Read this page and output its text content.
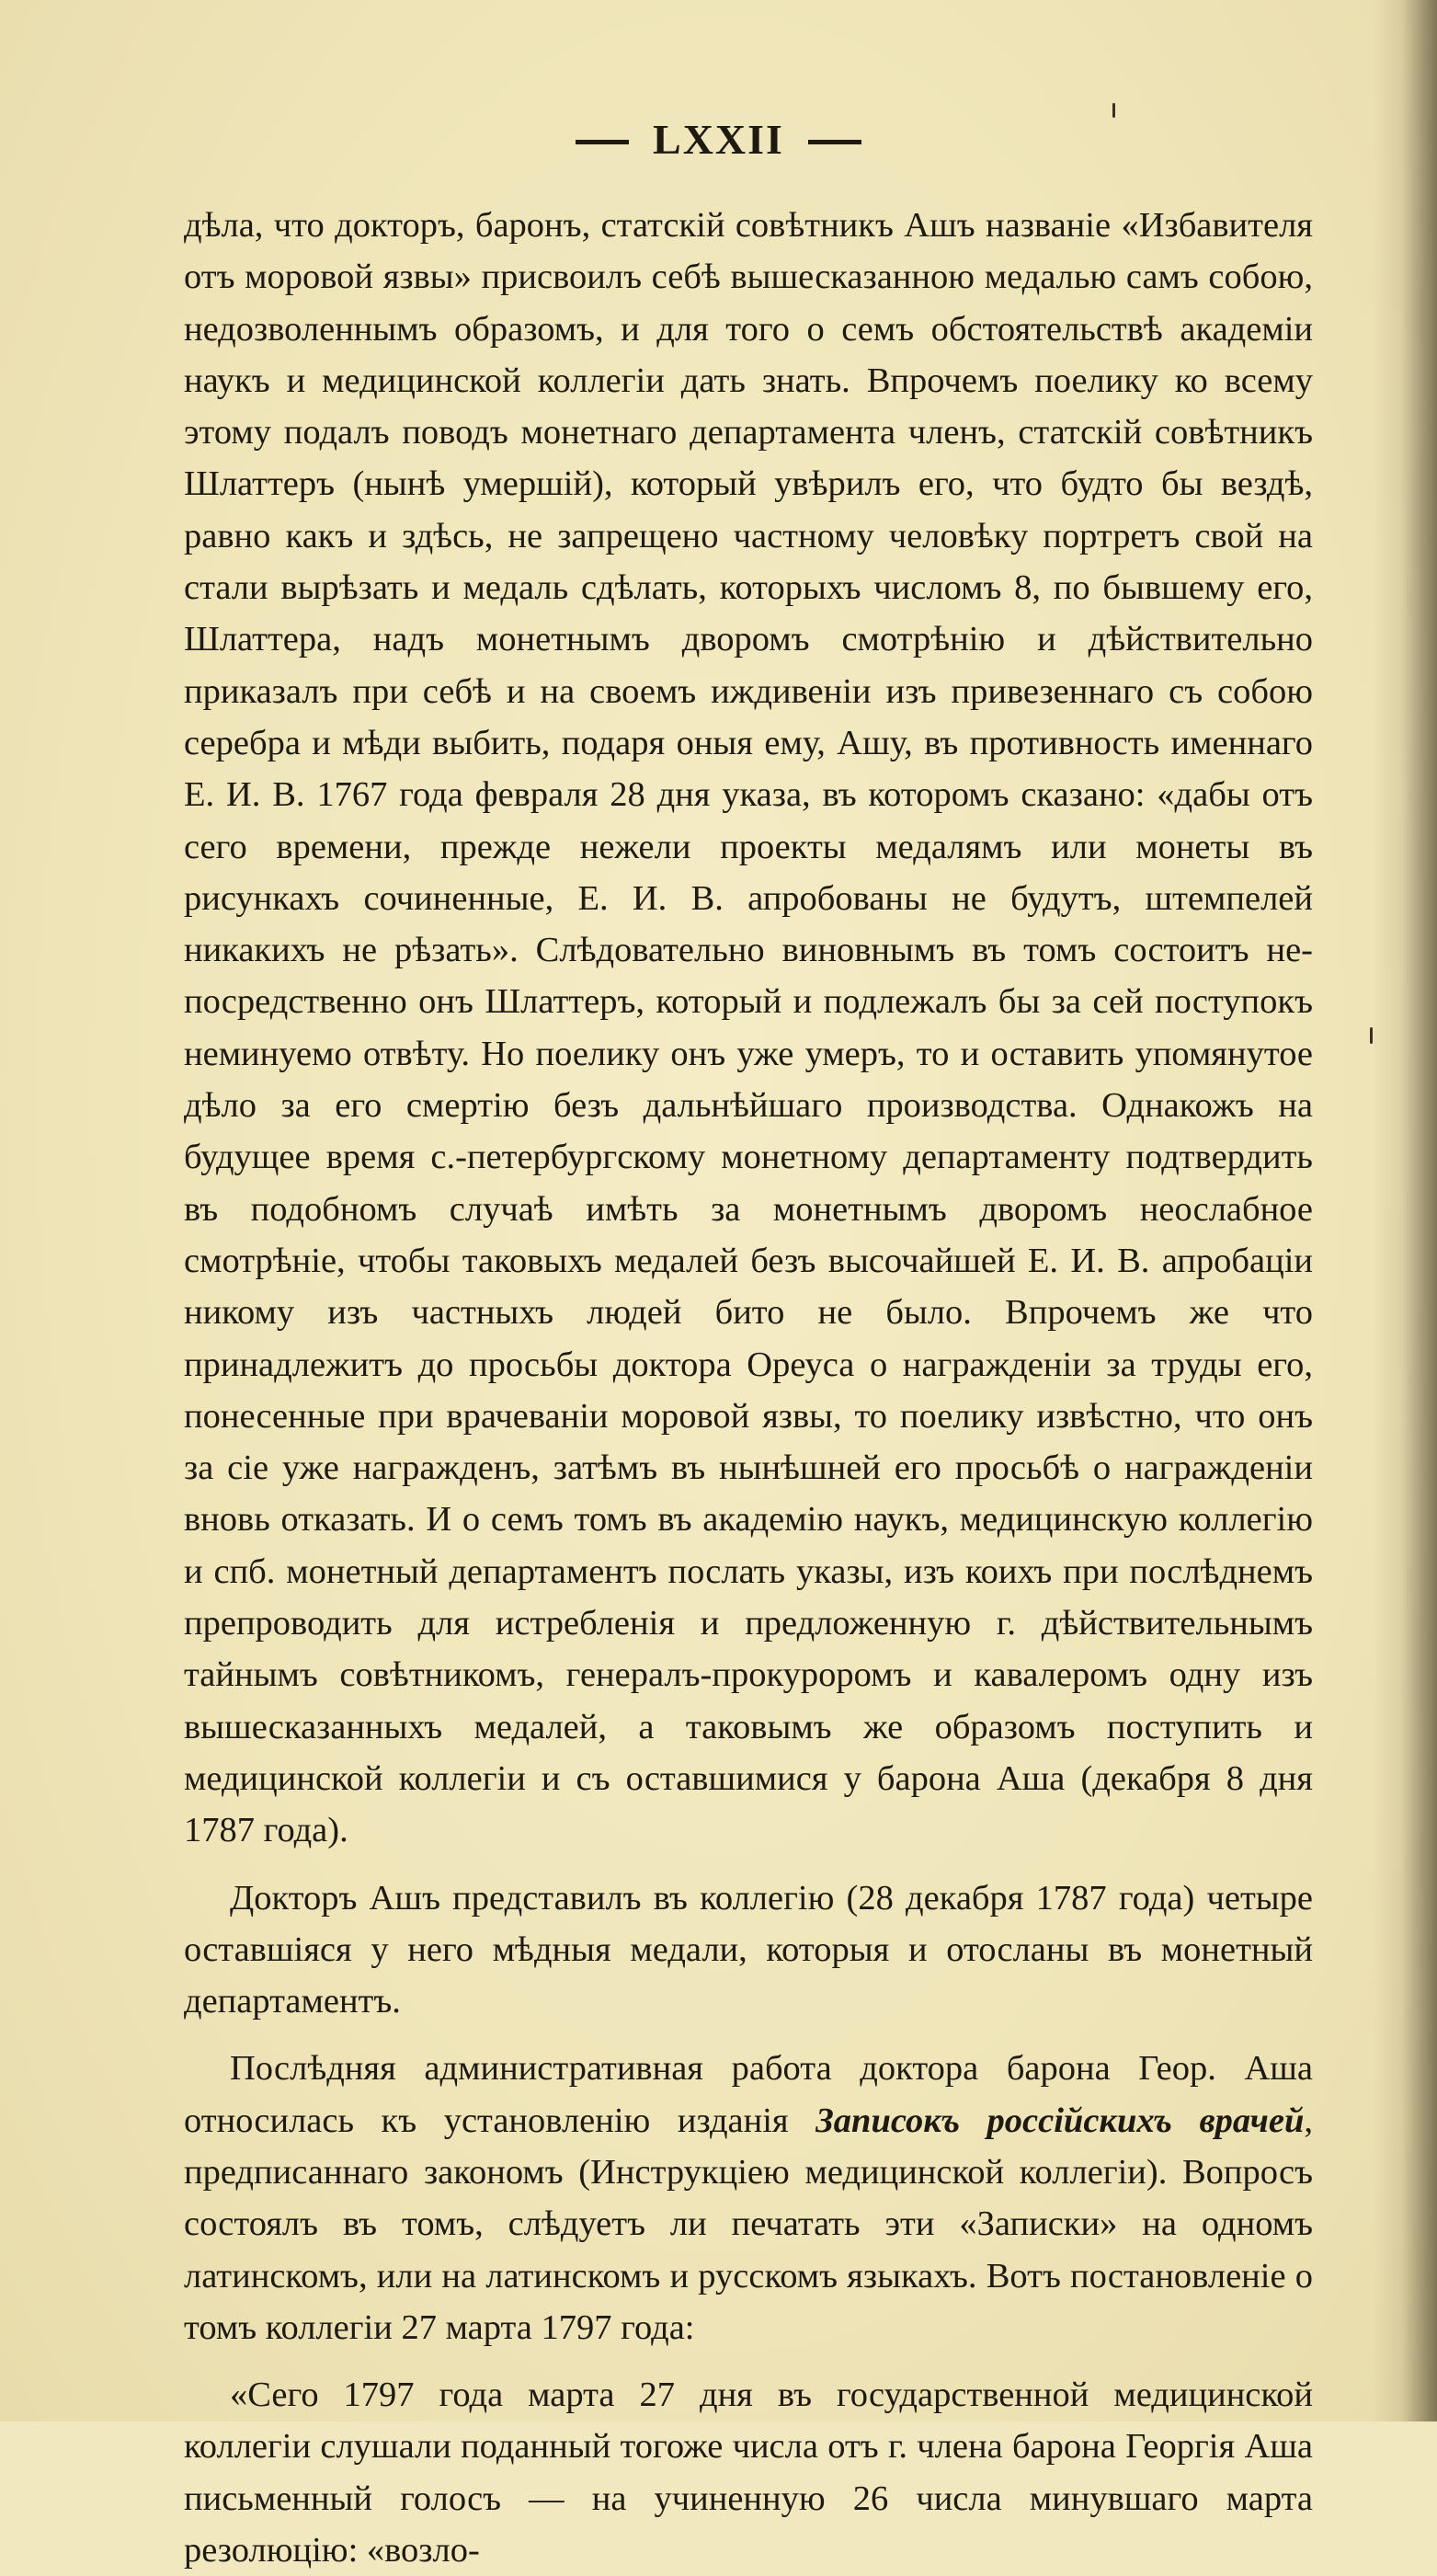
LXXII

дѣла, что докторъ, баронъ, статскій совѣтникъ Ашъ названіе «Избавителя отъ моровой язвы» присвоилъ себѣ вышесказанною медалью самъ собою, недозволеннымъ образомъ, и для того о семъ обстоятельствѣ академіи наукъ и медицинской коллегіи дать знать. Впрочемъ поелику ко всему этому подалъ поводъ монетнаго департамента членъ, статскій совѣтникъ Шлаттеръ (нынѣ умершій), который увѣрилъ его, что будто бы вездѣ, равно какъ и здѣсь, не запрещено частному человѣку портретъ свой на стали вырѣзать и медаль сдѣлать, которыхъ числомъ 8, по бывшему его, Шлаттера, надъ монетнымъ дворомъ смотрѣнію и дѣйствительно приказалъ при себѣ и на своемъ иждивеніи изъ привезеннаго съ собою серебра и мѣди выбить, подаря оныя ему, Ашу, въ противность именнаго Е. И. В. 1767 года февраля 28 дня указа, въ которомъ сказано: «дабы отъ сего времени, прежде нежели проекты медалямъ или монеты въ рисункахъ сочиненные, Е. И. В. апробованы не будутъ, штемпелей никакихъ не рѣзать». Слѣдовательно виновнымъ въ томъ состоитъ непосредственно онъ Шлаттеръ, который и подлежалъ бы за сей поступокъ неминуемо отвѣту. Но поелику онъ уже умеръ, то и оставить упомянутое дѣло за его смертію безъ дальнѣйшаго производства. Однакожъ на будущее время с.-петербургскому монетному департаменту подтвердить въ подобномъ случаѣ имѣть за монетнымъ дворомъ неослабное смотрѣніе, чтобы таковыхъ медалей безъ высочайшей Е. И. В. апробаціи никому изъ частныхъ людей бито не было. Впрочемъ же что принадлежитъ до просьбы доктора Ореуса о награжденіи за труды его, понесенные при врачеваніи моровой язвы, то поелику извѣстно, что онъ за сіе уже награжденъ, затѣмъ въ нынѣшней его просьбѣ о награжденіи вновь отказать. И о семъ томъ въ академію наукъ, медицинскую коллегію и спб. монетный департаментъ послать указы, изъ коихъ при послѣднемъ препроводить для истребленія и предложенную г. дѣйствительнымъ тайнымъ совѣтникомъ, генералъ-прокуроромъ и кавалеромъ одну изъ вышесказанныхъ медалей, а таковымъ же образомъ поступить и медицинской коллегіи и съ оставшимися у барона Аша (декабря 8 дня 1787 года).

Докторъ Ашъ представилъ въ коллегію (28 декабря 1787 года) четыре оставшіяся у него мѣдныя медали, которыя и отосланы въ монетный департаментъ.

Послѣдняя административная работа доктора барона Геор. Аша относилась къ установленію изданія Записокъ россійскихъ врачей, предписаннаго закономъ (Инструкціею медицинской коллегіи). Вопросъ состоялъ въ томъ, слѣдуетъ ли печатать эти «Записки» на одномъ латинскомъ, или на латинскомъ и русскомъ языкахъ. Вотъ постановленіе о томъ коллегіи 27 марта 1797 года:

«Сего 1797 года марта 27 дня въ государственной медицинской коллегіи слушали поданный тогоже числа отъ г. члена барона Георгія Аша письменный голосъ — на учиненную 26 числа минувшаго марта резолюцію: «возло-
